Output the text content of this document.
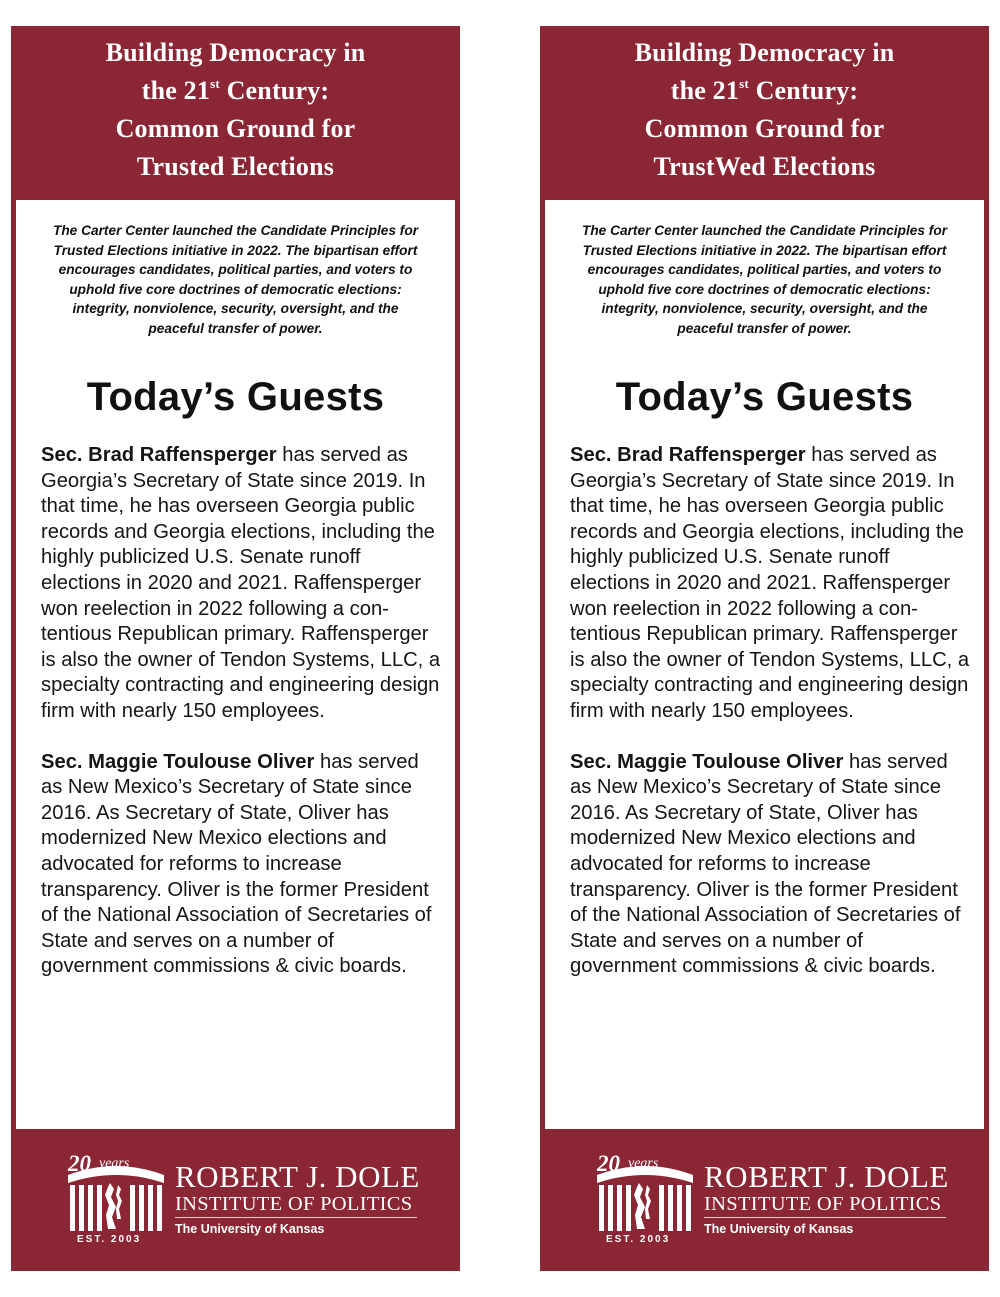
Building Democracy in
the 21st Century:
Common Ground for
Trusted Elections
The Carter Center launched the Candidate Principles for Trusted Elections initiative in 2022. The bipartisan effort encourages candidates, political parties, and voters to uphold five core doctrines of democratic elections: integrity, nonviolence, security, oversight, and the peaceful transfer of power.
Today’s Guests
Sec. Brad Raffensperger has served as Georgia’s Secretary of State since 2019. In that time, he has overseen Georgia public records and Georgia elections, including the highly publicized U.S. Senate runoff elections in 2020 and 2021. Raffensperger won reelection in 2022 following a contentious Republican primary. Raffensperger is also the owner of Tendon Systems, LLC, a specialty contracting and engineering design firm with nearly 150 employees.
Sec. Maggie Toulouse Oliver has served as New Mexico’s Secretary of State since 2016. As Secretary of State, Oliver has modernized New Mexico elections and advocated for reforms to increase transparency. Oliver is the former President of the National Association of Secretaries of State and serves on a number of government commissions & civic boards.
20 years
EST. 2003
ROBERT J. DOLE
INSTITUTE OF POLITICS
The University of Kansas
Building Democracy in
the 21st Century:
Common Ground for
TrustWed Elections
The Carter Center launched the Candidate Principles for Trusted Elections initiative in 2022. The bipartisan effort encourages candidates, political parties, and voters to uphold five core doctrines of democratic elections: integrity, nonviolence, security, oversight, and the peaceful transfer of power.
Today’s Guests
Sec. Brad Raffensperger has served as Georgia’s Secretary of State since 2019. In that time, he has overseen Georgia public records and Georgia elections, including the highly publicized U.S. Senate runoff elections in 2020 and 2021. Raffensperger won reelection in 2022 following a contentious Republican primary. Raffensperger is also the owner of Tendon Systems, LLC, a specialty contracting and engineering design firm with nearly 150 employees.
Sec. Maggie Toulouse Oliver has served as New Mexico’s Secretary of State since 2016. As Secretary of State, Oliver has modernized New Mexico elections and advocated for reforms to increase transparency. Oliver is the former President of the National Association of Secretaries of State and serves on a number of government commissions & civic boards.
20 years
EST. 2003
ROBERT J. DOLE
INSTITUTE OF POLITICS
The University of Kansas
